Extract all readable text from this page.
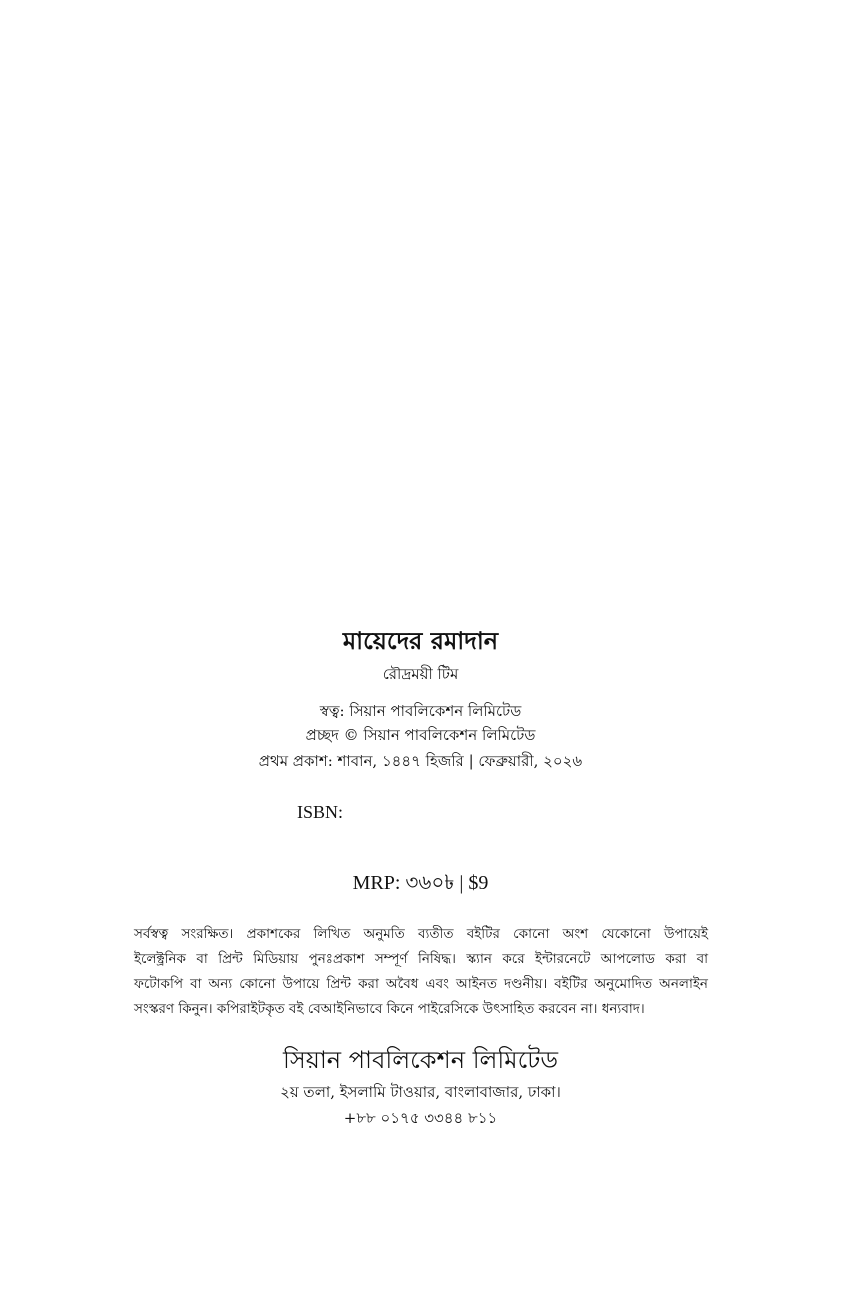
মায়েদের রমাদান
রৌদ্রময়ী টিম
স্বত্ব: সিয়ান পাবলিকেশন লিমিটেড
প্রচ্ছদ © সিয়ান পাবলিকেশন লিমিটেড
প্রথম প্রকাশ: শাবান, ১৪৪৭ হিজরি | ফেব্রুয়ারী, ২০২৬
ISBN:
MRP: ৩৬০৳ | $9
সর্বস্বত্ব সংরক্ষিত। প্রকাশকের লিখিত অনুমতি ব্যতীত বইটির কোনো অংশ যেকোনো উপায়েই
ইলেক্ট্রনিক বা প্রিন্ট মিডিয়ায় পুনঃপ্রকাশ সম্পূর্ণ নিষিদ্ধ। স্ক্যান করে ইন্টারনেটে আপলোড করা বা
ফটোকপি বা অন্য কোনো উপায়ে প্রিন্ট করা অবৈধ এবং আইনত দণ্ডনীয়। বইটির অনুমোদিত অনলাইন
সংস্করণ কিনুন। কপিরাইটকৃত বই বেআইনিভাবে কিনে পাইরেসিকে উৎসাহিত করবেন না। ধন্যবাদ।
সিয়ান পাবলিকেশন লিমিটেড
২য় তলা, ইসলামি টাওয়ার, বাংলাবাজার, ঢাকা।
+৮৮ ০১৭৫ ৩৩৪৪ ৮১১
